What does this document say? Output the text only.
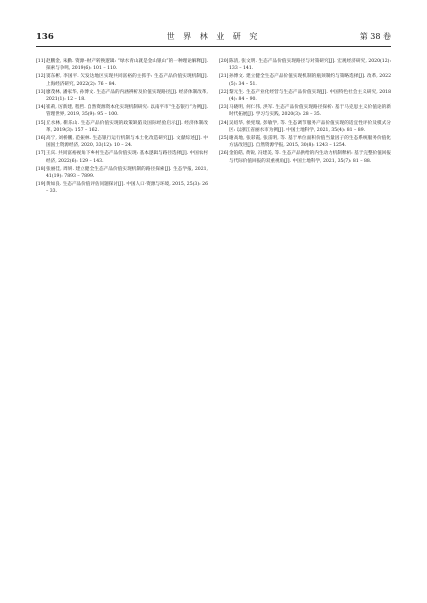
136	世 界 林 业 研 究	第 38 卷
[11] 赵鹏金, 朱勤. 资源–财产转换逻辑: “绿水青山就是金山银山”的一种理论解释[J]. 探索与争鸣, 2019(6): 101 – 110.
[12] 窦东彬, 李国平. 欠发达地区实现共同富裕的主抓手: 生态产品价值实现机制[J]. 上海经济研究, 2022(2): 76 – 84.
[13] 廖茂林, 潘家华, 孙博文. 生态产品的内涵辨析及价值实现路径[J]. 经济体制改革, 2021(1): 12 – 18.
[14] 崔莉, 厉新建, 程哲. 自然资源资本化实现机制研究: 以南平市“生态银行”为例[J]. 管理世界, 2019, 35(9): 95 – 100.
[15] 丘水林, 靳乐山. 生态产品价值实现的政策缺陷及国际经验启示[J]. 经济体制改革, 2019(3): 157 – 162.
[16] 高宁, 刘桥鹏, 范振林. 生态银行运行机制与本土化改造研究[J]. 文献综述[J]. 中国国土资源经济, 2020, 33(12): 10 – 24.
[17] 王宾. 共同富裕视角下乡村生态产品价值实现: 基本逻辑与路径选择[J]. 中国农村经济, 2022(6): 129 – 143.
[18] 张丽佳, 周妍. 建立健全生态产品价值实现机制的路径探索[J]. 生态学报, 2021, 41(19): 7893 – 7899.
[19] 黄如良. 生态产品价值评估问题探讨[J]. 中国人口·资源与环境, 2015, 25(3): 26 – 33.
[20] 陈清, 张文明. 生态产品价值实现路径与对策研究[J]. 宏观经济研究, 2020(12): 133 – 141.
[21] 孙博文. 建立健全生态产品价值实现机制的瓶颈制约与策略选择[J]. 改革, 2022(5): 34 – 51.
[22] 黎元生. 生态产业化经营与生态产品价值实现[J]. 中国特色社会主义研究, 2018(4): 84 – 90.
[23] 马晓明, 何仁伟, 洪军. 生态产品价值实现路径探析: 基于马克思主义价值论的新时代拓展[J]. 学习与实践, 2020(3): 28 – 35.
[24] 吴绍华, 侯宪瑞, 彭敏学, 等. 生态调节服务产品价值实现的适宜性评价及模式分区: 以浙江省丽水市为例[J]. 中国土地科学, 2021, 35(4): 81 – 89.
[25] 谢高地, 张彩霞, 张雷明, 等. 基于单位面积价值当量因子的生态系统服务价值化方法改进[J]. 自然资源学报, 2015, 30(8): 1243 – 1254.
[26] 金铂皓, 黄锐, 冯建美, 等. 生态产品供给的内生动力机制释析: 基于完整价值回报与代际价值回报的双重视角[J]. 中国土地科学, 2021, 35(7): 81 – 88.
